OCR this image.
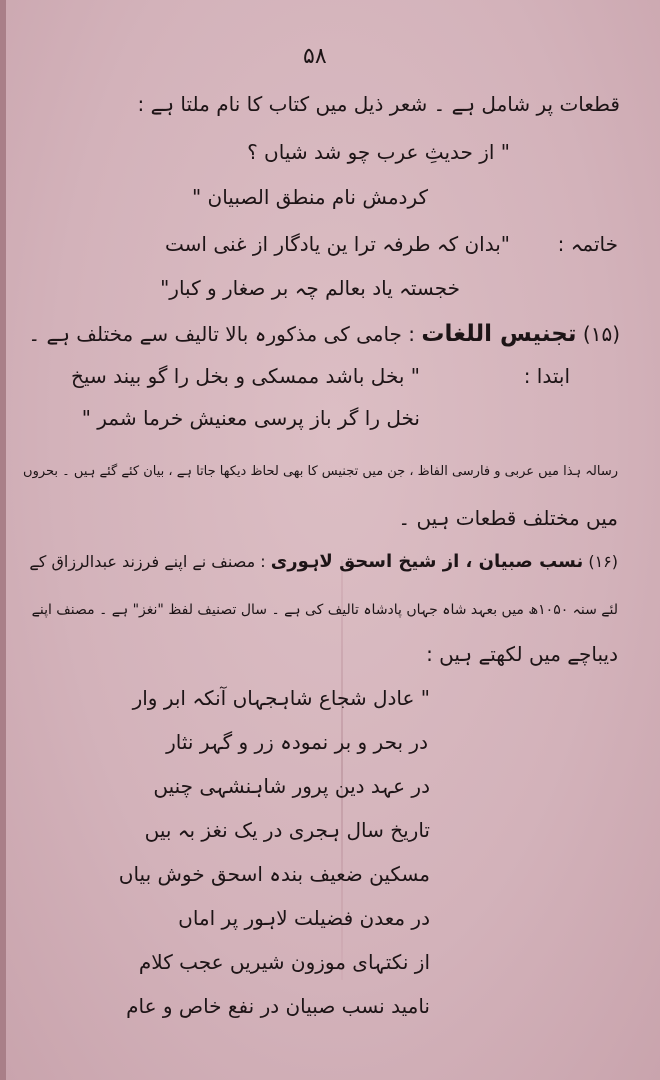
۵۸
قطعات پر شامل ہے ۔ شعر ذیل میں کتاب کا نام ملتا ہے :
" از حدیثِ عرب چو شد شیاں ؟
کردمش نام منطق الصبیان "
خاتمہ :
"بدان کہ طرفہ ترا ین یادگار از غنی است
خجستہ یاد بعالم چہ بر صغار و کبار"
(۱۵) تجنیس اللغات : جامی کی مذکورہ بالا تالیف سے مختلف ہے ۔
ابتدا :
" بخل باشد ممسکی و بخل را گو بیند سیخ
نخل را گر باز پرسی معنیش خرما شمر "
رسالہ ہذا میں عربی و فارسی الفاظ ، جن میں تجنیس کا بھی لحاظ دیکھا جاتا ہے ، بیان کئے گئے ہیں ۔ بحروں
میں مختلف قطعات ہیں ۔
(۱۶) نسب صبیان ، از شیخ اسحق لاہوری : مصنف نے اپنے فرزند عبدالرزاق کے
لئے سنہ ۱۰۵۰ھ میں بعہد شاہ جہاں پادشاہ تالیف کی ہے ۔ سال تصنیف لفظ "نغز" ہے ۔ مصنف اپنے
دیباچے میں لکھتے ہیں :
" عادل شجاع شاہجہاں آنکہ ابر وار
در بحر و بر نمودہ زر و گہر نثار
در عہد دین پرور شاہنشہی چنیں
تاریخ سال ہجری در یک نغز بہ بیں
مسکین ضعیف بندہ اسحق خوش بیاں
در معدن فضیلت لاہور پر اماں
از نکتہای موزون شیریں عجب کلام
نامید نسب صبیان در نفع خاص و عام
